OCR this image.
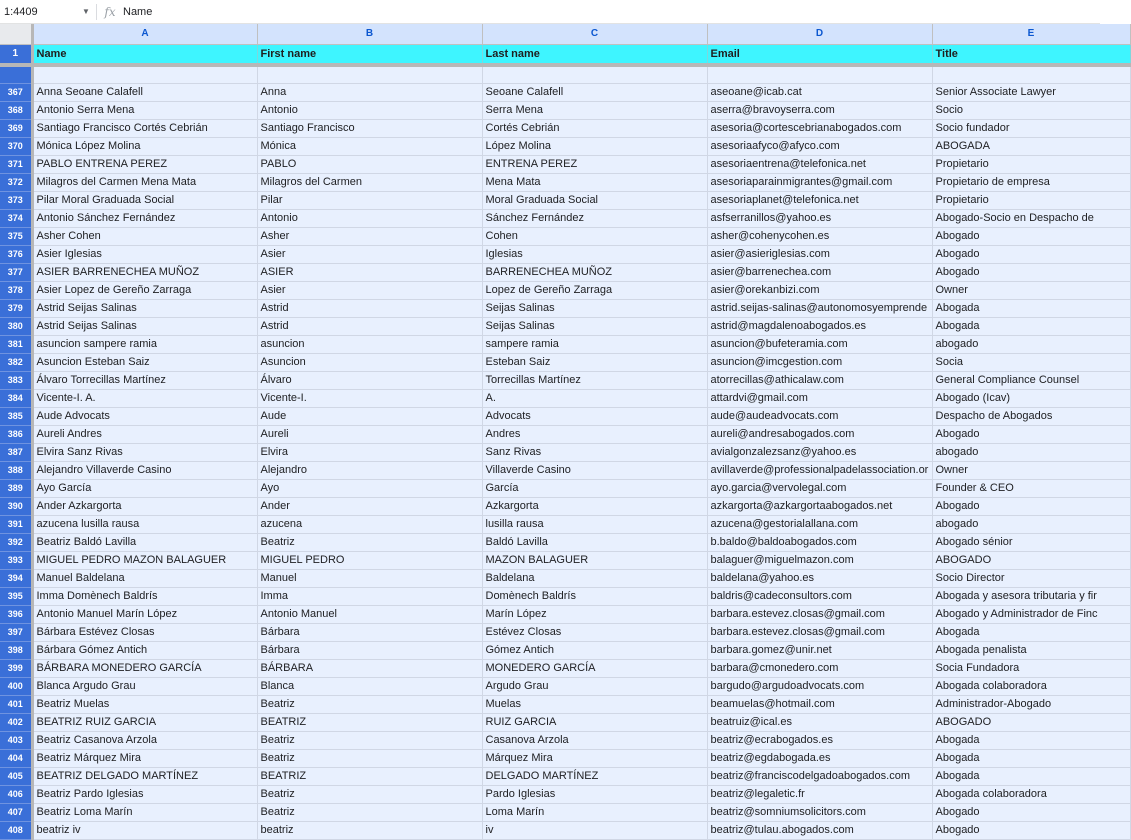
1:4409	▼ fx Name
	A	B	C	D	E
1	Name	First name	Last name	Email	Title

367	Anna Seoane Calafell	Anna	Seoane Calafell	aseoane@icab.cat	Senior Associate Lawyer
368	Antonio Serra Mena	Antonio	Serra Mena	aserra@bravoyserra.com	Socio
369	Santiago Francisco Cortés Cebrián	Santiago Francisco	Cortés Cebrián	asesoria@cortescebrianabogados.com	Socio fundador
370	Mónica López Molina	Mónica	López Molina	asesoriaafyco@afyco.com	ABOGADA
371	PABLO ENTRENA PEREZ	PABLO	ENTRENA PEREZ	asesoriaentrena@telefonica.net	Propietario
372	Milagros del Carmen Mena Mata	Milagros del Carmen	Mena Mata	asesoriaparainmigrantes@gmail.com	Propietario de empresa
373	Pilar Moral Graduada Social	Pilar	Moral Graduada Social	asesoriaplanet@telefonica.net	Propietario
374	Antonio Sánchez Fernández	Antonio	Sánchez Fernández	asfserranillos@yahoo.es	Abogado-Socio en Despacho de
375	Asher Cohen	Asher	Cohen	asher@cohenycohen.es	Abogado
376	Asier Iglesias	Asier	Iglesias	asier@asieriglesias.com	Abogado
377	ASIER BARRENECHEA MUÑOZ	ASIER	BARRENECHEA MUÑOZ	asier@barrenechea.com	Abogado
378	Asier Lopez de Gereño Zarraga	Asier	Lopez de Gereño Zarraga	asier@orekanbizi.com	Owner
379	Astrid Seijas Salinas	Astrid	Seijas Salinas	astrid.seijas-salinas@autonomosyemprende	Abogada
380	Astrid Seijas Salinas	Astrid	Seijas Salinas	astrid@magdalenoabogados.es	Abogada
381	asuncion sampere ramia	asuncion	sampere ramia	asuncion@bufeteramia.com	abogado
382	Asuncion Esteban Saiz	Asuncion	Esteban Saiz	asuncion@imcgestion.com	Socia
383	Álvaro Torrecillas Martínez	Álvaro	Torrecillas Martínez	atorrecillas@athicalaw.com	General Compliance Counsel
384	Vicente-I. A.	Vicente-I.	A.	attardvi@gmail.com	Abogado (Icav)
385	Aude Advocats	Aude	Advocats	aude@audeadvocats.com	Despacho de Abogados
386	Aureli Andres	Aureli	Andres	aureli@andresabogados.com	Abogado
387	Elvira Sanz Rivas	Elvira	Sanz Rivas	avialgonzalezsanz@yahoo.es	abogado
388	Alejandro Villaverde Casino	Alejandro	Villaverde Casino	avillaverde@professionalpadelassociation.or	Owner
389	Ayo García	Ayo	García	ayo.garcia@vervolegal.com	Founder & CEO
390	Ander Azkargorta	Ander	Azkargorta	azkargorta@azkargortaabogados.net	Abogado
391	azucena lusilla rausa	azucena	lusilla rausa	azucena@gestorialallana.com	abogado
392	Beatriz Baldó Lavilla	Beatriz	Baldó Lavilla	b.baldo@baldoabogados.com	Abogado sénior
393	MIGUEL PEDRO MAZON BALAGUER	MIGUEL PEDRO	MAZON BALAGUER	balaguer@miguelmazon.com	ABOGADO
394	Manuel Baldelana	Manuel	Baldelana	baldelana@yahoo.es	Socio Director
395	Imma Domènech Baldrís	Imma	Domènech Baldrís	baldris@cadeconsultors.com	Abogada y asesora tributaria y fir
396	Antonio Manuel Marín López	Antonio Manuel	Marín López	barbara.estevez.closas@gmail.com	Abogado y Administrador de Finc
397	Bárbara Estévez Closas	Bárbara	Estévez Closas	barbara.estevez.closas@gmail.com	Abogada
398	Bárbara Gómez Antich	Bárbara	Gómez Antich	barbara.gomez@unir.net	Abogada penalista
399	BÁRBARA MONEDERO GARCÍA	BÁRBARA	MONEDERO GARCÍA	barbara@cmonedero.com	Socia Fundadora
400	Blanca Argudo Grau	Blanca	Argudo Grau	bargudo@argudoadvocats.com	Abogada colaboradora
401	Beatriz Muelas	Beatriz	Muelas	beamuelas@hotmail.com	Administrador-Abogado
402	BEATRIZ RUIZ GARCIA	BEATRIZ	RUIZ GARCIA	beatruiz@ical.es	ABOGADO
403	Beatriz Casanova Arzola	Beatriz	Casanova Arzola	beatriz@ecrabogados.es	Abogada
404	Beatriz Márquez Mira	Beatriz	Márquez Mira	beatriz@egdabogada.es	Abogada
405	BEATRIZ DELGADO MARTÍNEZ	BEATRIZ	DELGADO MARTÍNEZ	beatriz@franciscodelgadoabogados.com	Abogada
406	Beatriz Pardo Iglesias	Beatriz	Pardo Iglesias	beatriz@legaletic.fr	Abogada colaboradora
407	Beatriz Loma Marín	Beatriz	Loma Marín	beatriz@somniumsolicitors.com	Abogado
408	beatriz iv	beatriz	iv	beatriz@tulau.abogados.com	Abogado
